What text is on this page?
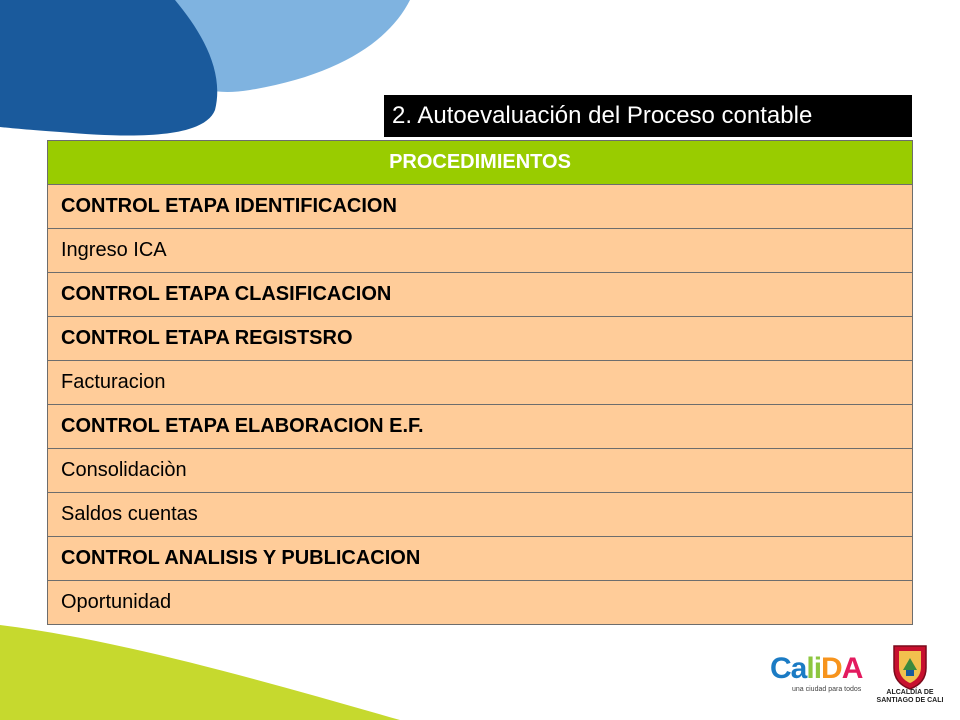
2. Autoevaluación del Proceso contable
PROCEDIMIENTOS
CONTROL ETAPA IDENTIFICACION
Ingreso ICA
CONTROL ETAPA CLASIFICACION
CONTROL ETAPA REGISTSRO
Facturacion
CONTROL ETAPA ELABORACION E.F.
Consolidaciòn
Saldos cuentas
CONTROL ANALISIS Y PUBLICACION
Oportunidad
CaliDA
una ciudad para todos	ALCALDÍA DE
SANTIAGO DE CALI
